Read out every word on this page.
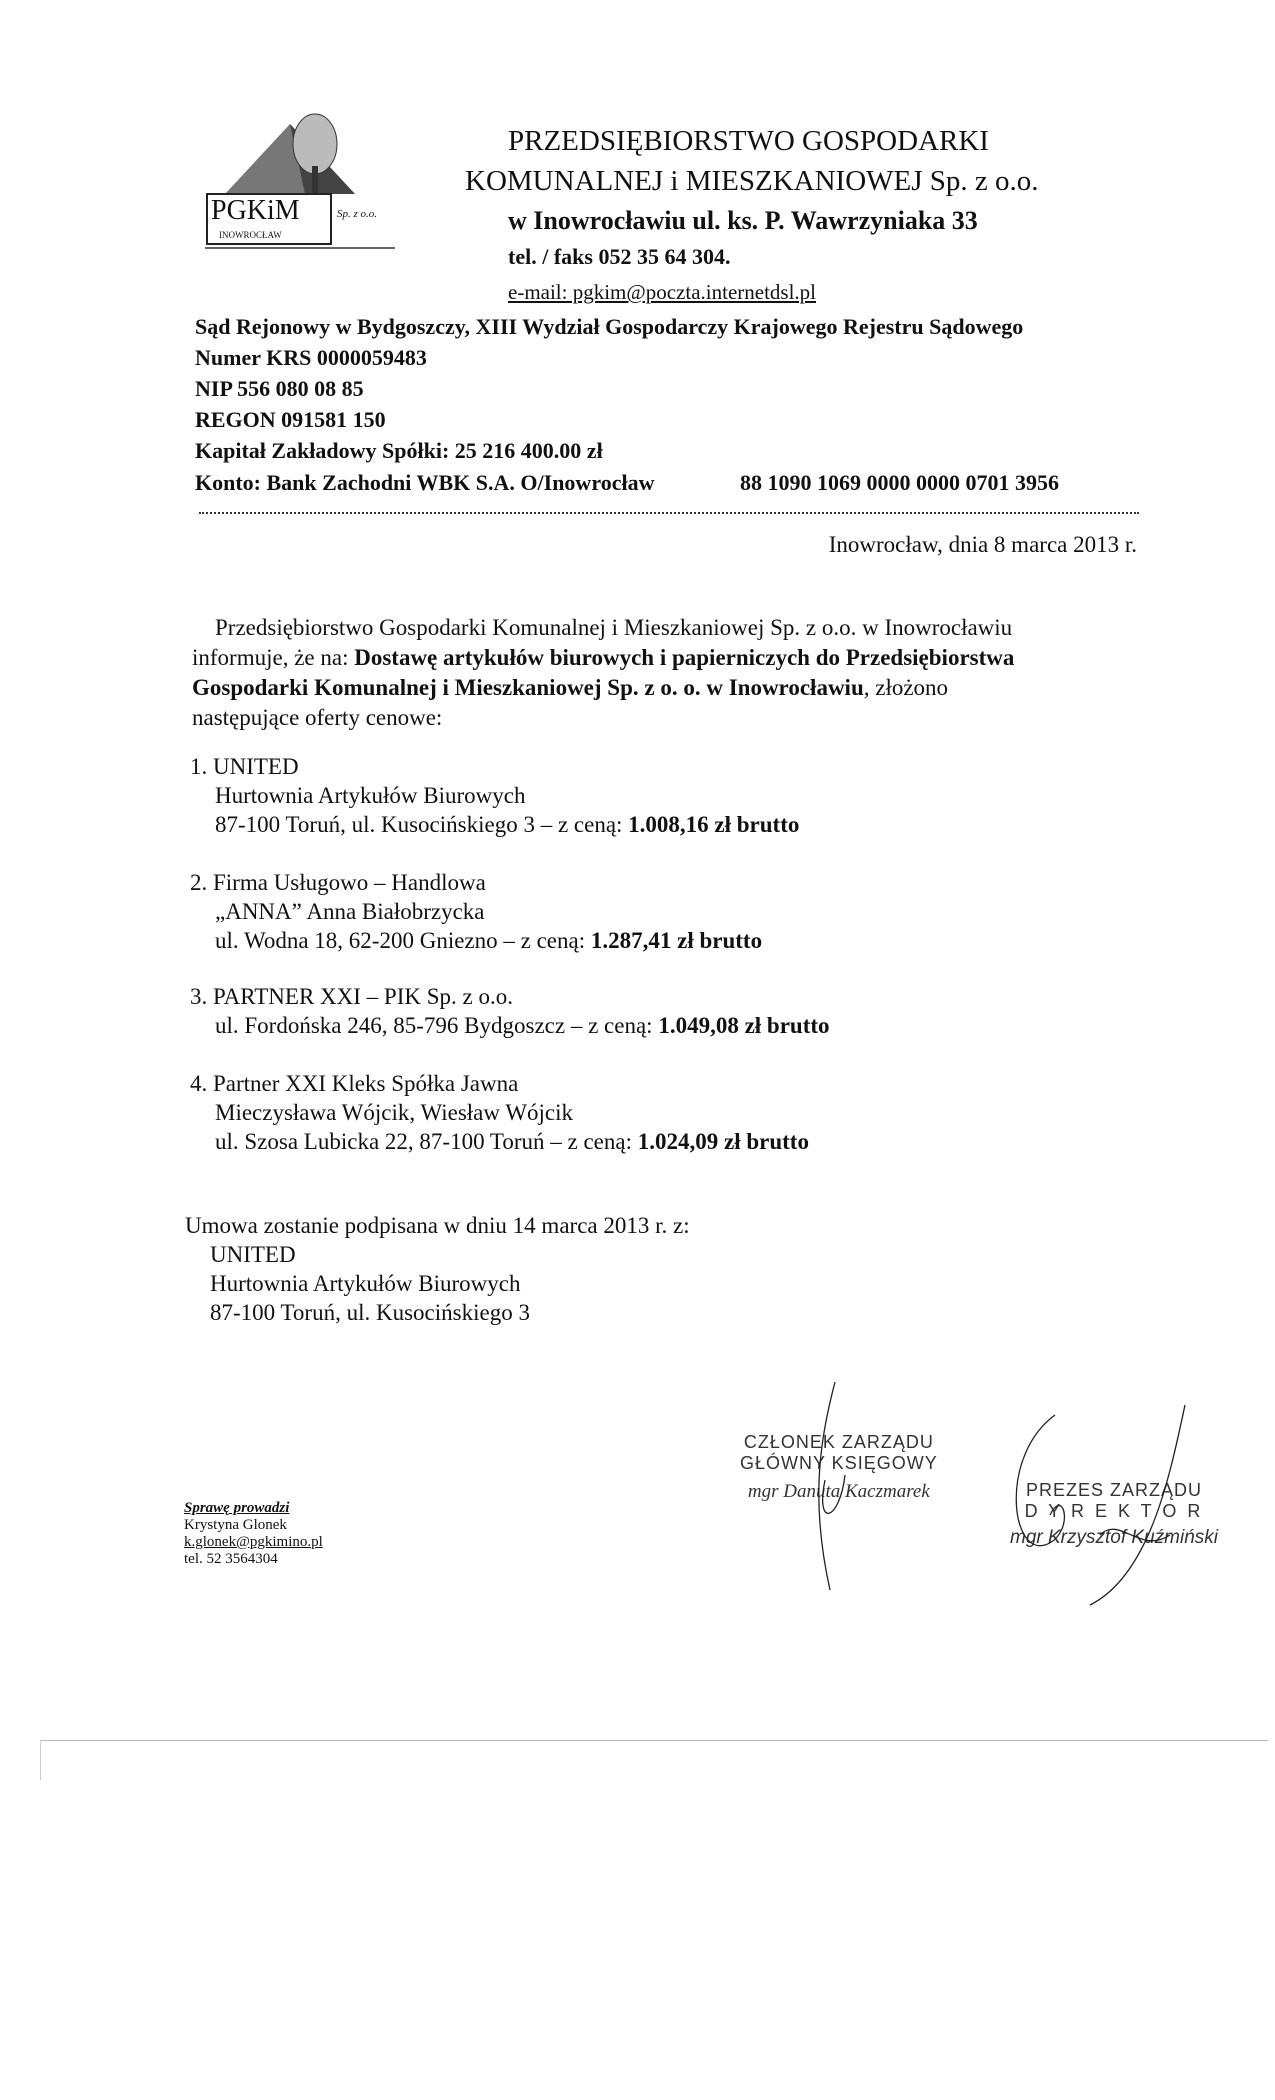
PGKiM
INOWROCŁAW
Sp. z o.o.
PRZEDSIĘBIORSTWO GOSPODARKI
KOMUNALNEJ i MIESZKANIOWEJ Sp. z o.o.
w Inowrocławiu ul. ks. P. Wawrzyniaka 33
tel. / faks 052 35 64 304.
e-mail: pgkim@poczta.internetdsl.pl
Sąd Rejonowy w Bydgoszczy, XIII Wydział Gospodarczy Krajowego Rejestru Sądowego
Numer KRS 0000059483
NIP 556 080 08 85
REGON 091581 150
Kapitał Zakładowy Spółki: 25 216 400.00 zł
Konto: Bank Zachodni WBK S.A. O/Inowrocław	88 1090 1069 0000 0000 0701 3956
Inowrocław, dnia 8 marca 2013 r.
Przedsiębiorstwo Gospodarki Komunalnej i Mieszkaniowej Sp. z o.o. w Inowrocławiu
informuje, że na: Dostawę artykułów biurowych i papierniczych do Przedsiębiorstwa
Gospodarki Komunalnej i Mieszkaniowej Sp. z o. o. w Inowrocławiu, złożono
następujące oferty cenowe:
1. UNITED
Hurtownia Artykułów Biurowych
87-100 Toruń, ul. Kusocińskiego 3 – z ceną: 1.008,16 zł brutto
2. Firma Usługowo – Handlowa
„ANNA” Anna Białobrzycka
ul. Wodna 18, 62-200 Gniezno – z ceną: 1.287,41 zł brutto
3. PARTNER XXI – PIK Sp. z o.o.
ul. Fordońska 246, 85-796 Bydgoszcz – z ceną: 1.049,08 zł brutto
4. Partner XXI Kleks Spółka Jawna
Mieczysława Wójcik, Wiesław Wójcik
ul. Szosa Lubicka 22, 87-100 Toruń – z ceną: 1.024,09 zł brutto
Umowa zostanie podpisana w dniu 14 marca 2013 r. z:
UNITED
Hurtownia Artykułów Biurowych
87-100 Toruń, ul. Kusocińskiego 3
Sprawę prowadzi
Krystyna Glonek
k.glonek@pgkimino.pl
tel. 52 3564304
CZŁONEK ZARZĄDU
GŁÓWNY KSIĘGOWY
mgr Danuta Kaczmarek	PREZES ZARZĄDU
D Y R E K T O R
mgr Krzysztof Kuźmiński
